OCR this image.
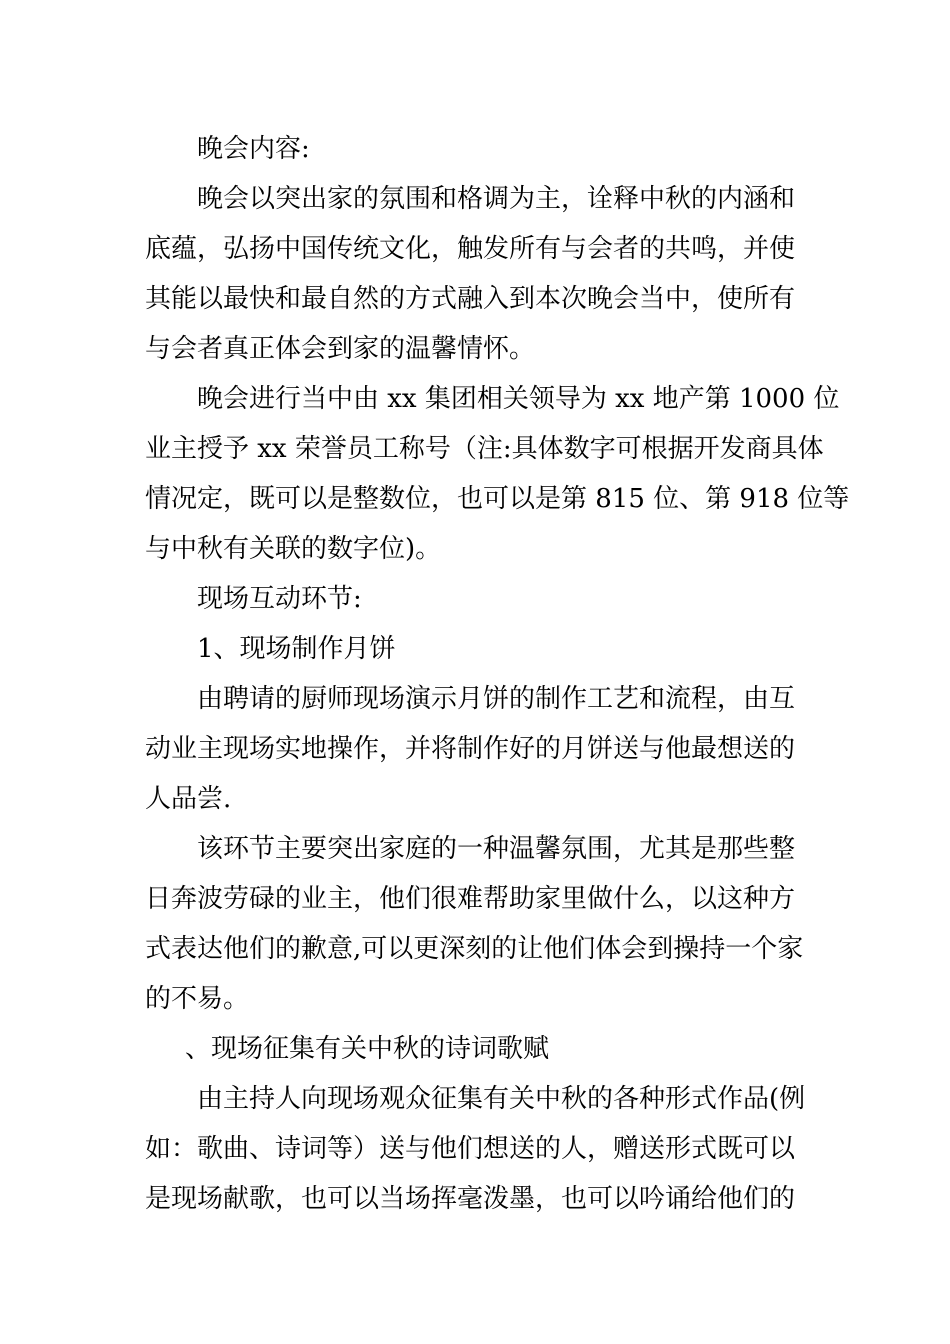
晚会内容:
晚会以突出家的氛围和格调为主，诠释中秋的内涵和
底蕴，弘扬中国传统文化，触发所有与会者的共鸣，并使
其能以最快和最自然的方式融入到本次晚会当中，使所有
与会者真正体会到家的温馨情怀。
晚会进行当中由 xx 集团相关领导为 xx 地产第 1000 位
业主授予 xx 荣誉员工称号（注:具体数字可根据开发商具体
情况定，既可以是整数位，也可以是第 815 位、第 918 位等
与中秋有关联的数字位)。
现场互动环节:
1、现场制作月饼
由聘请的厨师现场演示月饼的制作工艺和流程，由互
动业主现场实地操作，并将制作好的月饼送与他最想送的
人品尝.
该环节主要突出家庭的一种温馨氛围，尤其是那些整
日奔波劳碌的业主，他们很难帮助家里做什么，以这种方
式表达他们的歉意,可以更深刻的让他们体会到操持一个家
的不易。
、现场征集有关中秋的诗词歌赋
由主持人向现场观众征集有关中秋的各种形式作品(例
如：歌曲、诗词等）送与他们想送的人，赠送形式既可以
是现场献歌，也可以当场挥毫泼墨，也可以吟诵给他们的
